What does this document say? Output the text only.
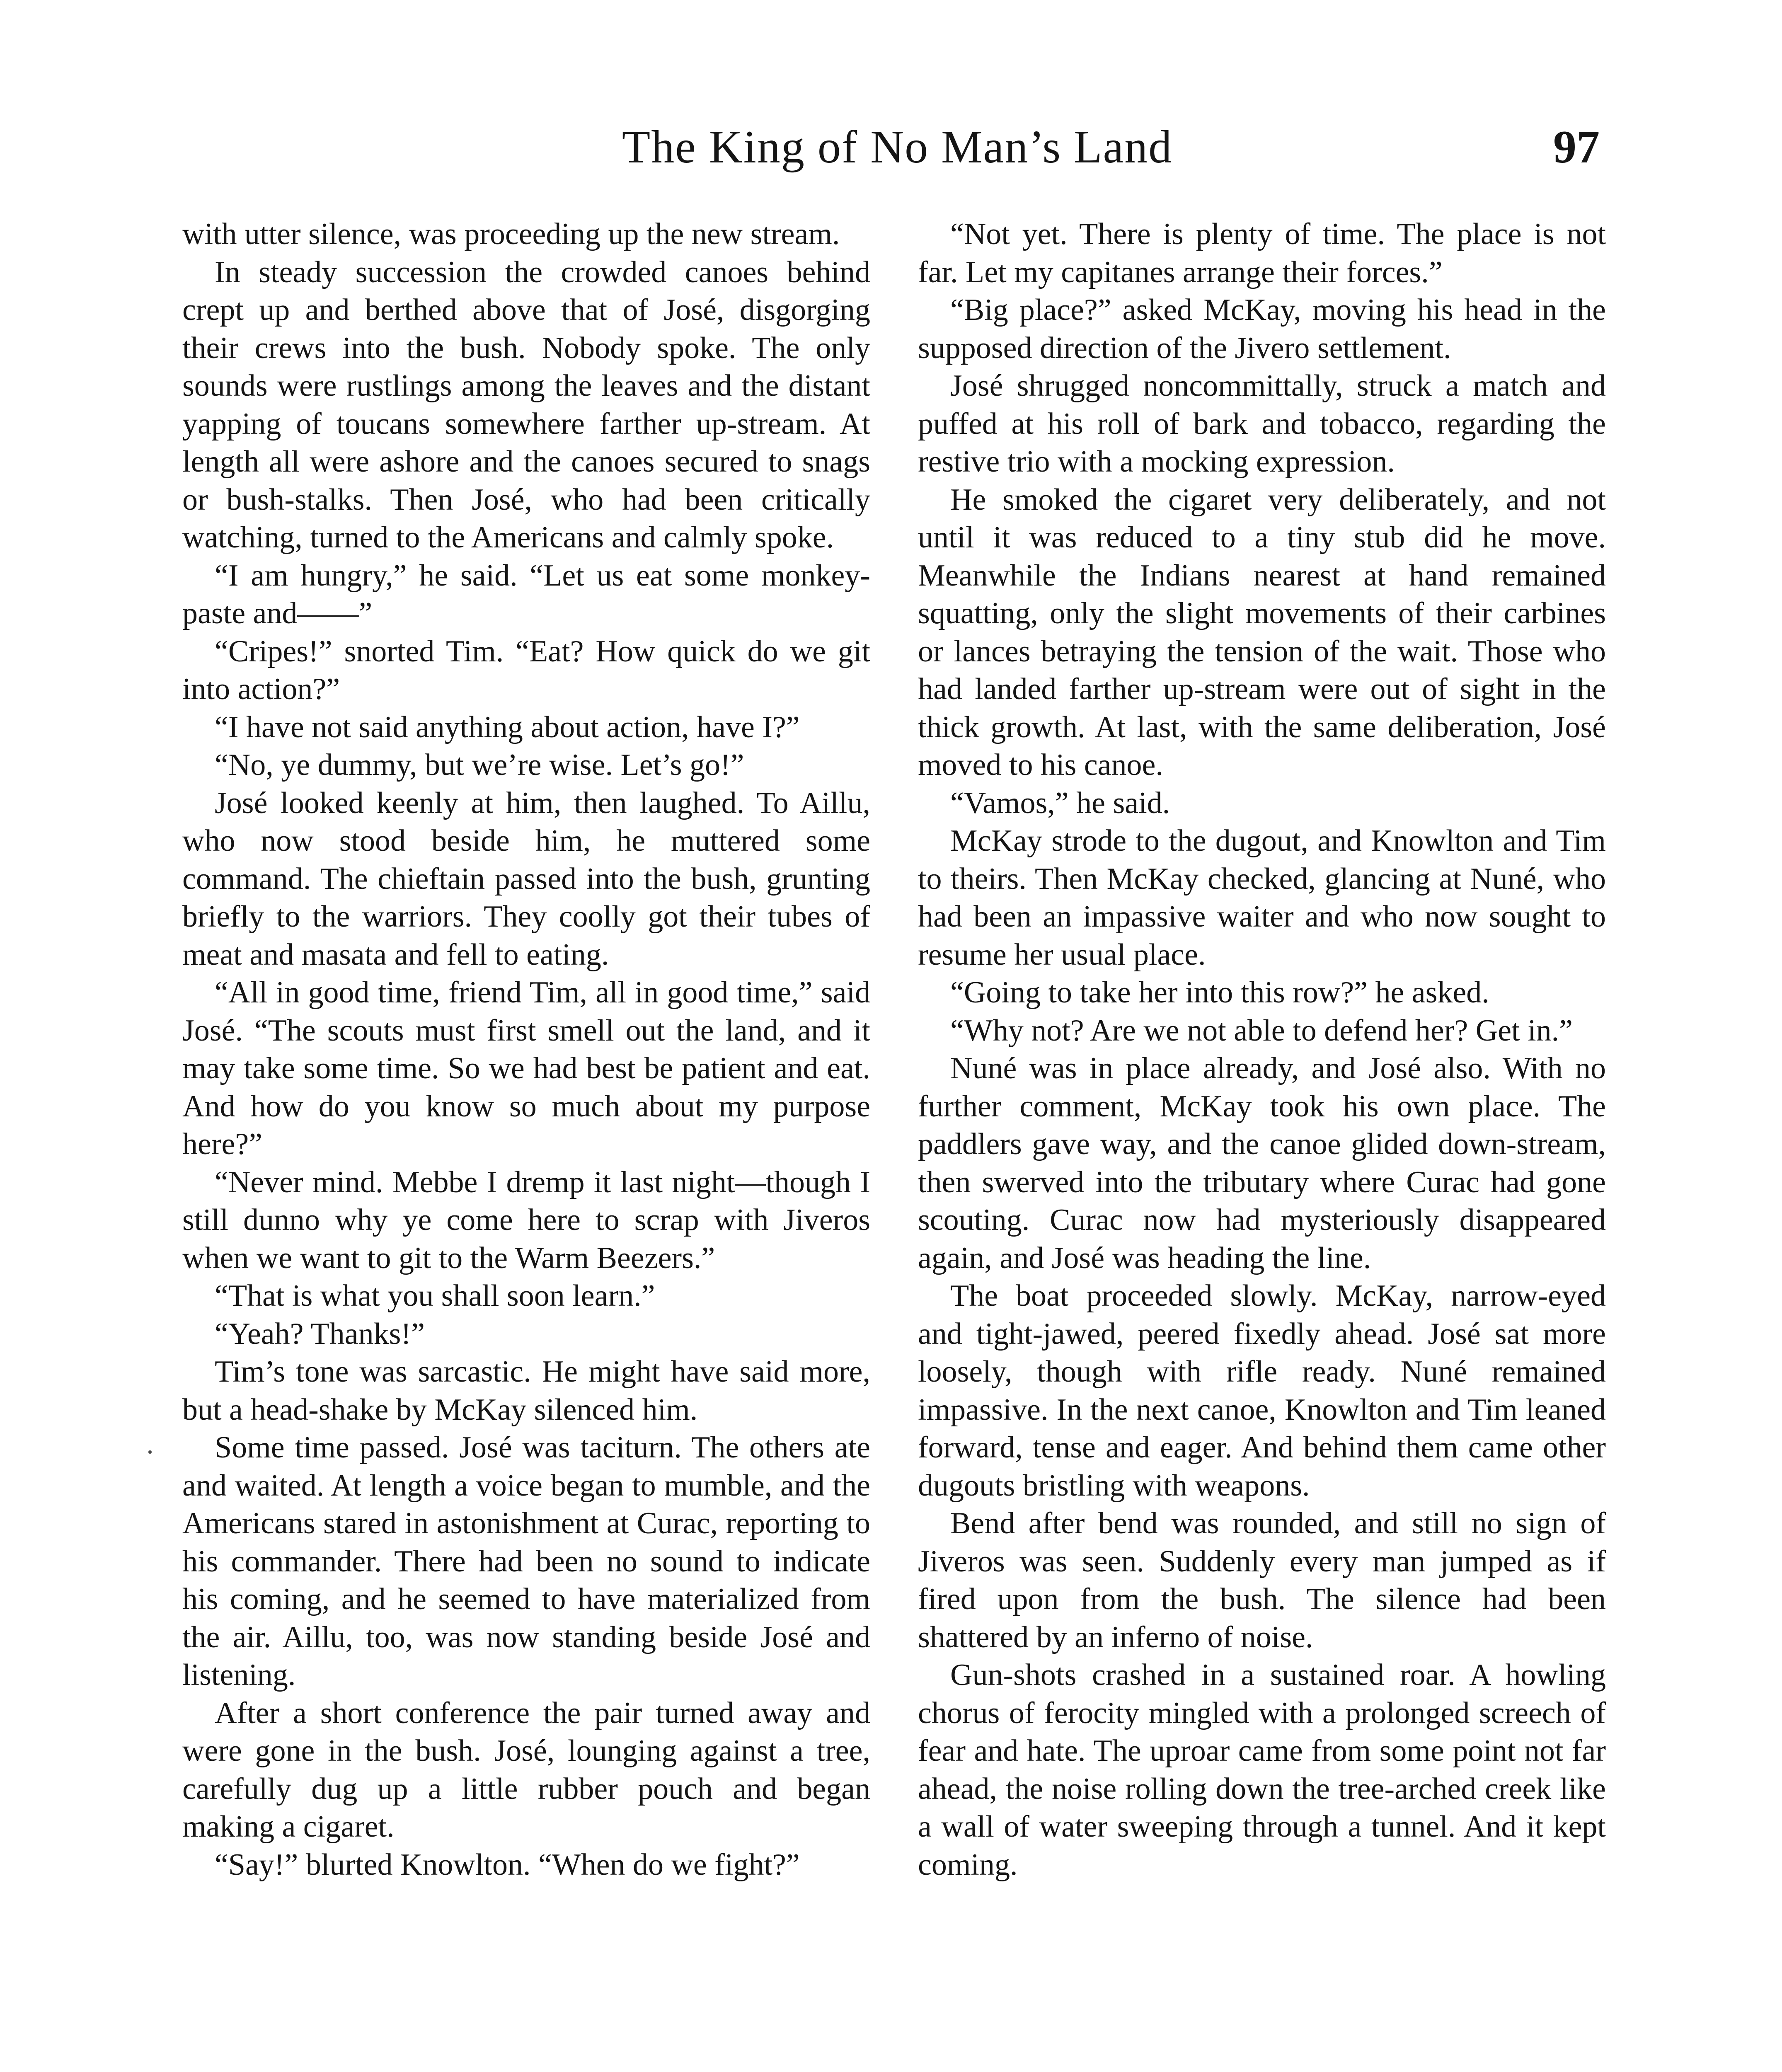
The King of No Man’s Land	97

with utter silence, was proceeding up the new stream.

In steady succession the crowded canoes behind crept up and berthed above that of José, disgorging their crews into the bush. Nobody spoke. The only sounds were rustlings among the leaves and the distant yapping of toucans somewhere farther up-stream. At length all were ashore and the canoes secured to snags or bush-stalks. Then José, who had been critically watching, turned to the Americans and calmly spoke.

“I am hungry,” he said. “Let us eat some monkey-paste and——”

“Cripes!” snorted Tim. “Eat? How quick do we git into action?”

“I have not said anything about action, have I?”

“No, ye dummy, but we’re wise. Let’s go!”

José looked keenly at him, then laughed. To Aillu, who now stood beside him, he muttered some command. The chieftain passed into the bush, grunting briefly to the warriors. They coolly got their tubes of meat and masata and fell to eating.

“All in good time, friend Tim, all in good time,” said José. “The scouts must first smell out the land, and it may take some time. So we had best be patient and eat. And how do you know so much about my purpose here?”

“Never mind. Mebbe I dremp it last night—though I still dunno why ye come here to scrap with Jiveros when we want to git to the Warm Beezers.”

“That is what you shall soon learn.”

“Yeah? Thanks!”

Tim’s tone was sarcastic. He might have said more, but a head-shake by McKay silenced him.

Some time passed. José was taciturn. The others ate and waited. At length a voice began to mumble, and the Americans stared in astonishment at Curac, reporting to his commander. There had been no sound to indicate his coming, and he seemed to have materialized from the air. Aillu, too, was now standing beside José and listening.

After a short conference the pair turned away and were gone in the bush. José, lounging against a tree, carefully dug up a little rubber pouch and began making a cigaret.

“Say!” blurted Knowlton. “When do we fight?”

“Not yet. There is plenty of time. The place is not far. Let my capitanes arrange their forces.”

“Big place?” asked McKay, moving his head in the supposed direction of the Jivero settlement.

José shrugged noncommittally, struck a match and puffed at his roll of bark and tobacco, regarding the restive trio with a mocking expression.

He smoked the cigaret very deliberately, and not until it was reduced to a tiny stub did he move. Meanwhile the Indians nearest at hand remained squatting, only the slight movements of their carbines or lances betraying the tension of the wait. Those who had landed farther up-stream were out of sight in the thick growth. At last, with the same deliberation, José moved to his canoe.

“Vamos,” he said.

McKay strode to the dugout, and Knowlton and Tim to theirs. Then McKay checked, glancing at Nuné, who had been an impassive waiter and who now sought to resume her usual place.

“Going to take her into this row?” he asked.

“Why not? Are we not able to defend her? Get in.”

Nuné was in place already, and José also. With no further comment, McKay took his own place. The paddlers gave way, and the canoe glided down-stream, then swerved into the tributary where Curac had gone scouting. Curac now had mysteriously disappeared again, and José was heading the line.

The boat proceeded slowly. McKay, narrow-eyed and tight-jawed, peered fixedly ahead. José sat more loosely, though with rifle ready. Nuné remained impassive. In the next canoe, Knowlton and Tim leaned forward, tense and eager. And behind them came other dugouts bristling with weapons.

Bend after bend was rounded, and still no sign of Jiveros was seen. Suddenly every man jumped as if fired upon from the bush. The silence had been shattered by an inferno of noise.

Gun-shots crashed in a sustained roar. A howling chorus of ferocity mingled with a prolonged screech of fear and hate. The uproar came from some point not far ahead, the noise rolling down the tree-arched creek like a wall of water sweeping through a tunnel. And it kept coming.
